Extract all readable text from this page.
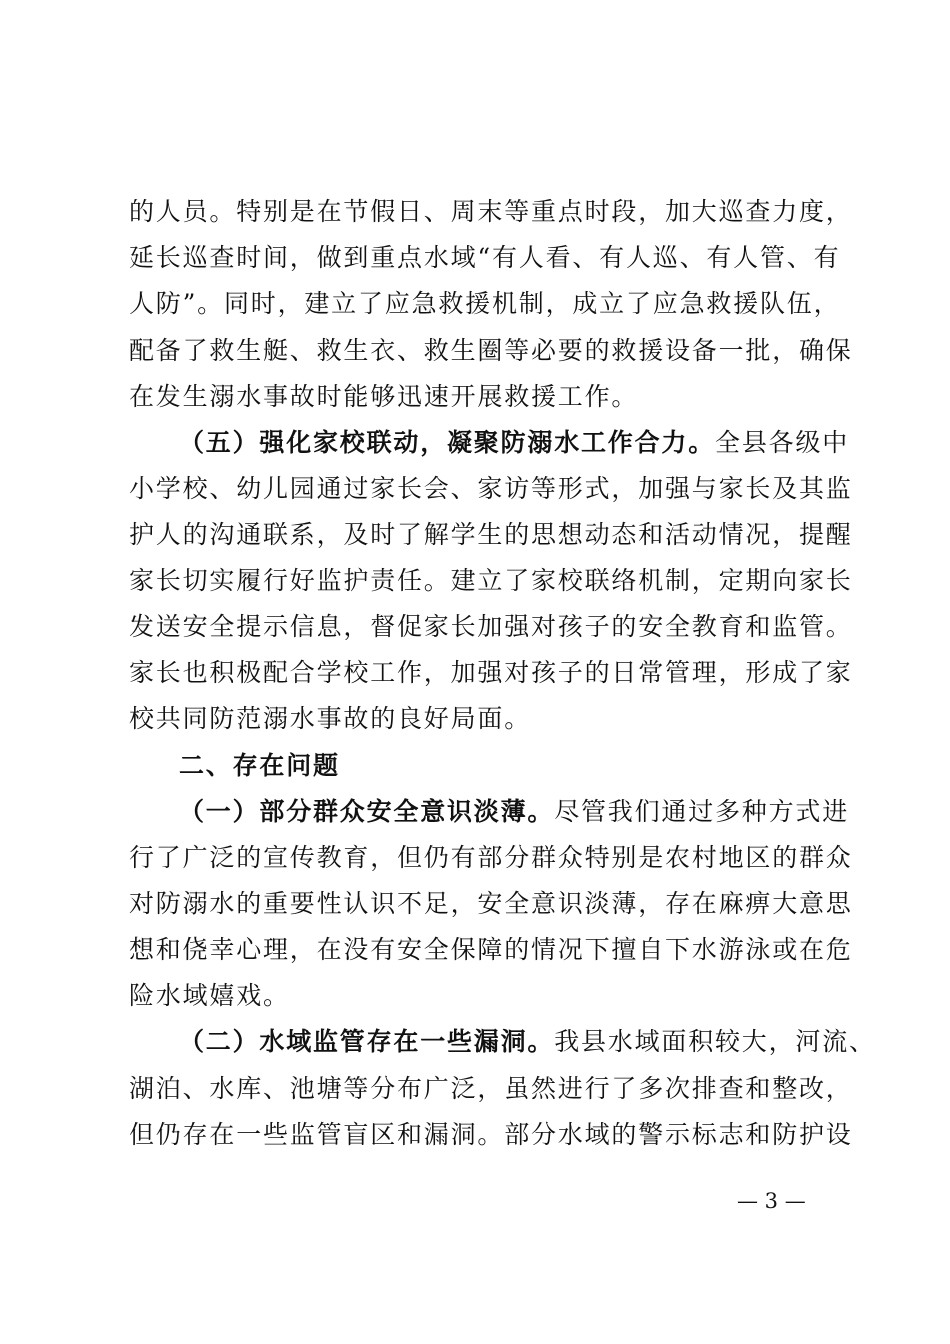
的人员。特别是在节假日、周末等重点时段，加大巡查力度，
延长巡查时间，做到重点水域“有人看、有人巡、有人管、有
人防”。同时，建立了应急救援机制，成立了应急救援队伍，
配备了救生艇、救生衣、救生圈等必要的救援设备一批，确保
在发生溺水事故时能够迅速开展救援工作。
（五）强化家校联动，凝聚防溺水工作合力。全县各级中
小学校、幼儿园通过家长会、家访等形式，加强与家长及其监
护人的沟通联系，及时了解学生的思想动态和活动情况，提醒
家长切实履行好监护责任。建立了家校联络机制，定期向家长
发送安全提示信息，督促家长加强对孩子的安全教育和监管。
家长也积极配合学校工作，加强对孩子的日常管理，形成了家
校共同防范溺水事故的良好局面。
二、存在问题
（一）部分群众安全意识淡薄。尽管我们通过多种方式进
行了广泛的宣传教育，但仍有部分群众特别是农村地区的群众
对防溺水的重要性认识不足，安全意识淡薄，存在麻痹大意思
想和侥幸心理，在没有安全保障的情况下擅自下水游泳或在危
险水域嬉戏。
（二）水域监管存在一些漏洞。我县水域面积较大，河流、
湖泊、水库、池塘等分布广泛，虽然进行了多次排查和整改，
但仍存在一些监管盲区和漏洞。部分水域的警示标志和防护设
— 3 —
